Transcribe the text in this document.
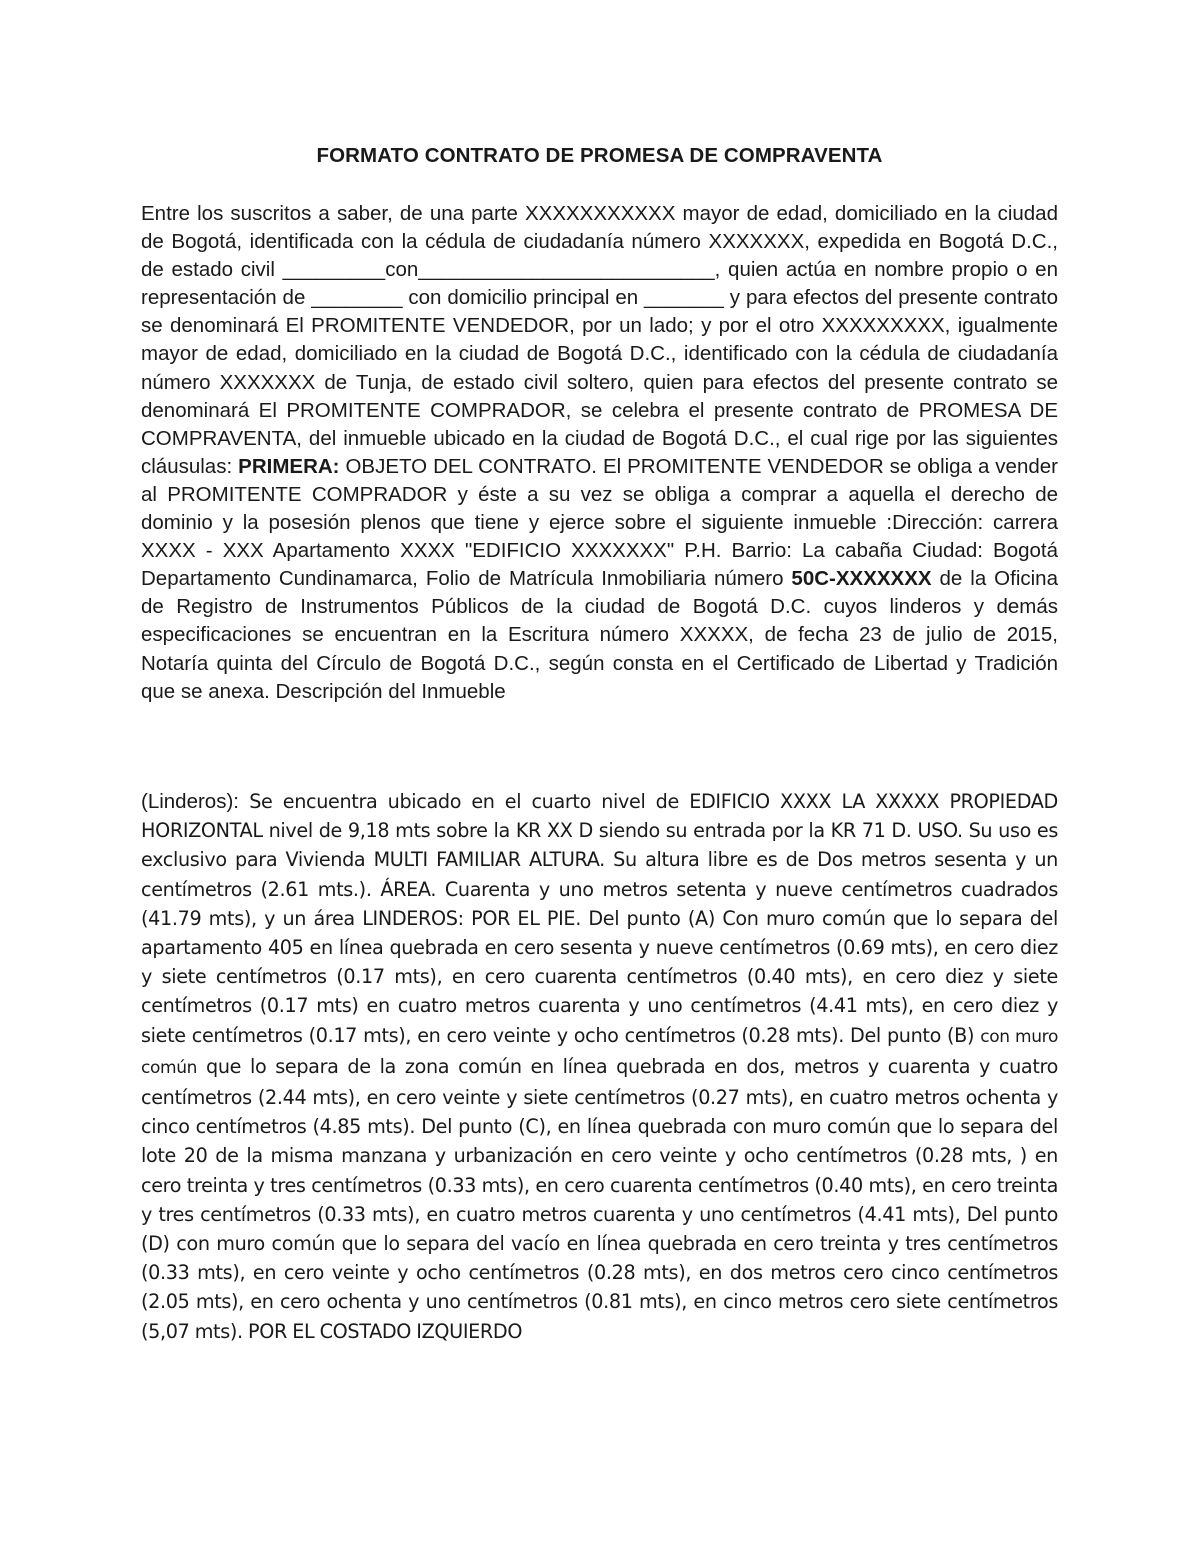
FORMATO CONTRATO DE PROMESA DE COMPRAVENTA

Entre los suscritos a saber, de una parte XXXXXXXXXXX mayor de edad, domiciliado en la ciudad de Bogotá, identificada con la cédula de ciudadanía número XXXXXXX, expedida en Bogotá D.C., de estado civil _________con__________________________, quien actúa en nombre propio o en representación de ________ con domicilio principal en _______ y para efectos del presente contrato se denominará El PROMITENTE VENDEDOR, por un lado; y por el otro XXXXXXXXX, igualmente mayor de edad, domiciliado en la ciudad de Bogotá D.C., identificado con la cédula de ciudadanía número XXXXXXX de Tunja, de estado civil soltero, quien para efectos del presente contrato se denominará El PROMITENTE COMPRADOR, se celebra el presente contrato de PROMESA DE COMPRAVENTA, del inmueble ubicado en la ciudad de Bogotá D.C., el cual rige por las siguientes cláusulas: PRIMERA: OBJETO DEL CONTRATO. El PROMITENTE VENDEDOR se obliga a vender al PROMITENTE COMPRADOR y éste a su vez se obliga a comprar a aquella el derecho de dominio y la posesión plenos que tiene y ejerce sobre el siguiente inmueble :Dirección: carrera XXXX - XXX Apartamento XXXX "EDIFICIO XXXXXXX" P.H. Barrio: La cabaña Ciudad: Bogotá Departamento Cundinamarca, Folio de Matrícula Inmobiliaria número 50C-XXXXXXX de la Oficina de Registro de Instrumentos Públicos de la ciudad de Bogotá D.C. cuyos linderos y demás especificaciones se encuentran en la Escritura número XXXXX, de fecha 23 de julio de 2015, Notaría quinta del Círculo de Bogotá D.C., según consta en el Certificado de Libertad y Tradición que se anexa. Descripción del Inmueble

(Linderos): Se encuentra ubicado en el cuarto nivel de EDIFICIO XXXX LA XXXXX PROPIEDAD HORIZONTAL nivel de 9,18 mts sobre la KR XX D siendo su entrada por la KR 71 D. USO. Su uso es exclusivo para Vivienda MULTI FAMILIAR ALTURA. Su altura libre es de Dos metros sesenta y un centímetros (2.61 mts.). ÁREA. Cuarenta y uno metros setenta y nueve centímetros cuadrados (41.79 mts), y un área LINDEROS: POR EL PIE. Del punto (A) Con muro común que lo separa del apartamento 405 en línea quebrada en cero sesenta y nueve centímetros (0.69 mts), en cero diez y siete centímetros (0.17 mts), en cero cuarenta centímetros (0.40 mts), en cero diez y siete centímetros (0.17 mts) en cuatro metros cuarenta y uno centímetros (4.41 mts), en cero diez y siete centímetros (0.17 mts), en cero veinte y ocho centímetros (0.28 mts). Del punto (B) con muro común que lo separa de la zona común en línea quebrada en dos, metros y cuarenta y cuatro centímetros (2.44 mts), en cero veinte y siete centímetros (0.27 mts), en cuatro metros ochenta y cinco centímetros (4.85 mts). Del punto (C), en línea quebrada con muro común que lo separa del lote 20 de la misma manzana y urbanización en cero veinte y ocho centímetros (0.28 mts, ) en cero treinta y tres centímetros (0.33 mts), en cero cuarenta centímetros (0.40 mts), en cero treinta y tres centímetros (0.33 mts), en cuatro metros cuarenta y uno centímetros (4.41 mts), Del punto (D) con muro común que lo separa del vacío en línea quebrada en cero treinta y tres centímetros (0.33 mts), en cero veinte y ocho centímetros (0.28 mts), en dos metros cero cinco centímetros (2.05 mts), en cero ochenta y uno centímetros (0.81 mts), en cinco metros cero siete centímetros (5,07 mts). POR EL COSTADO IZQUIERDO
